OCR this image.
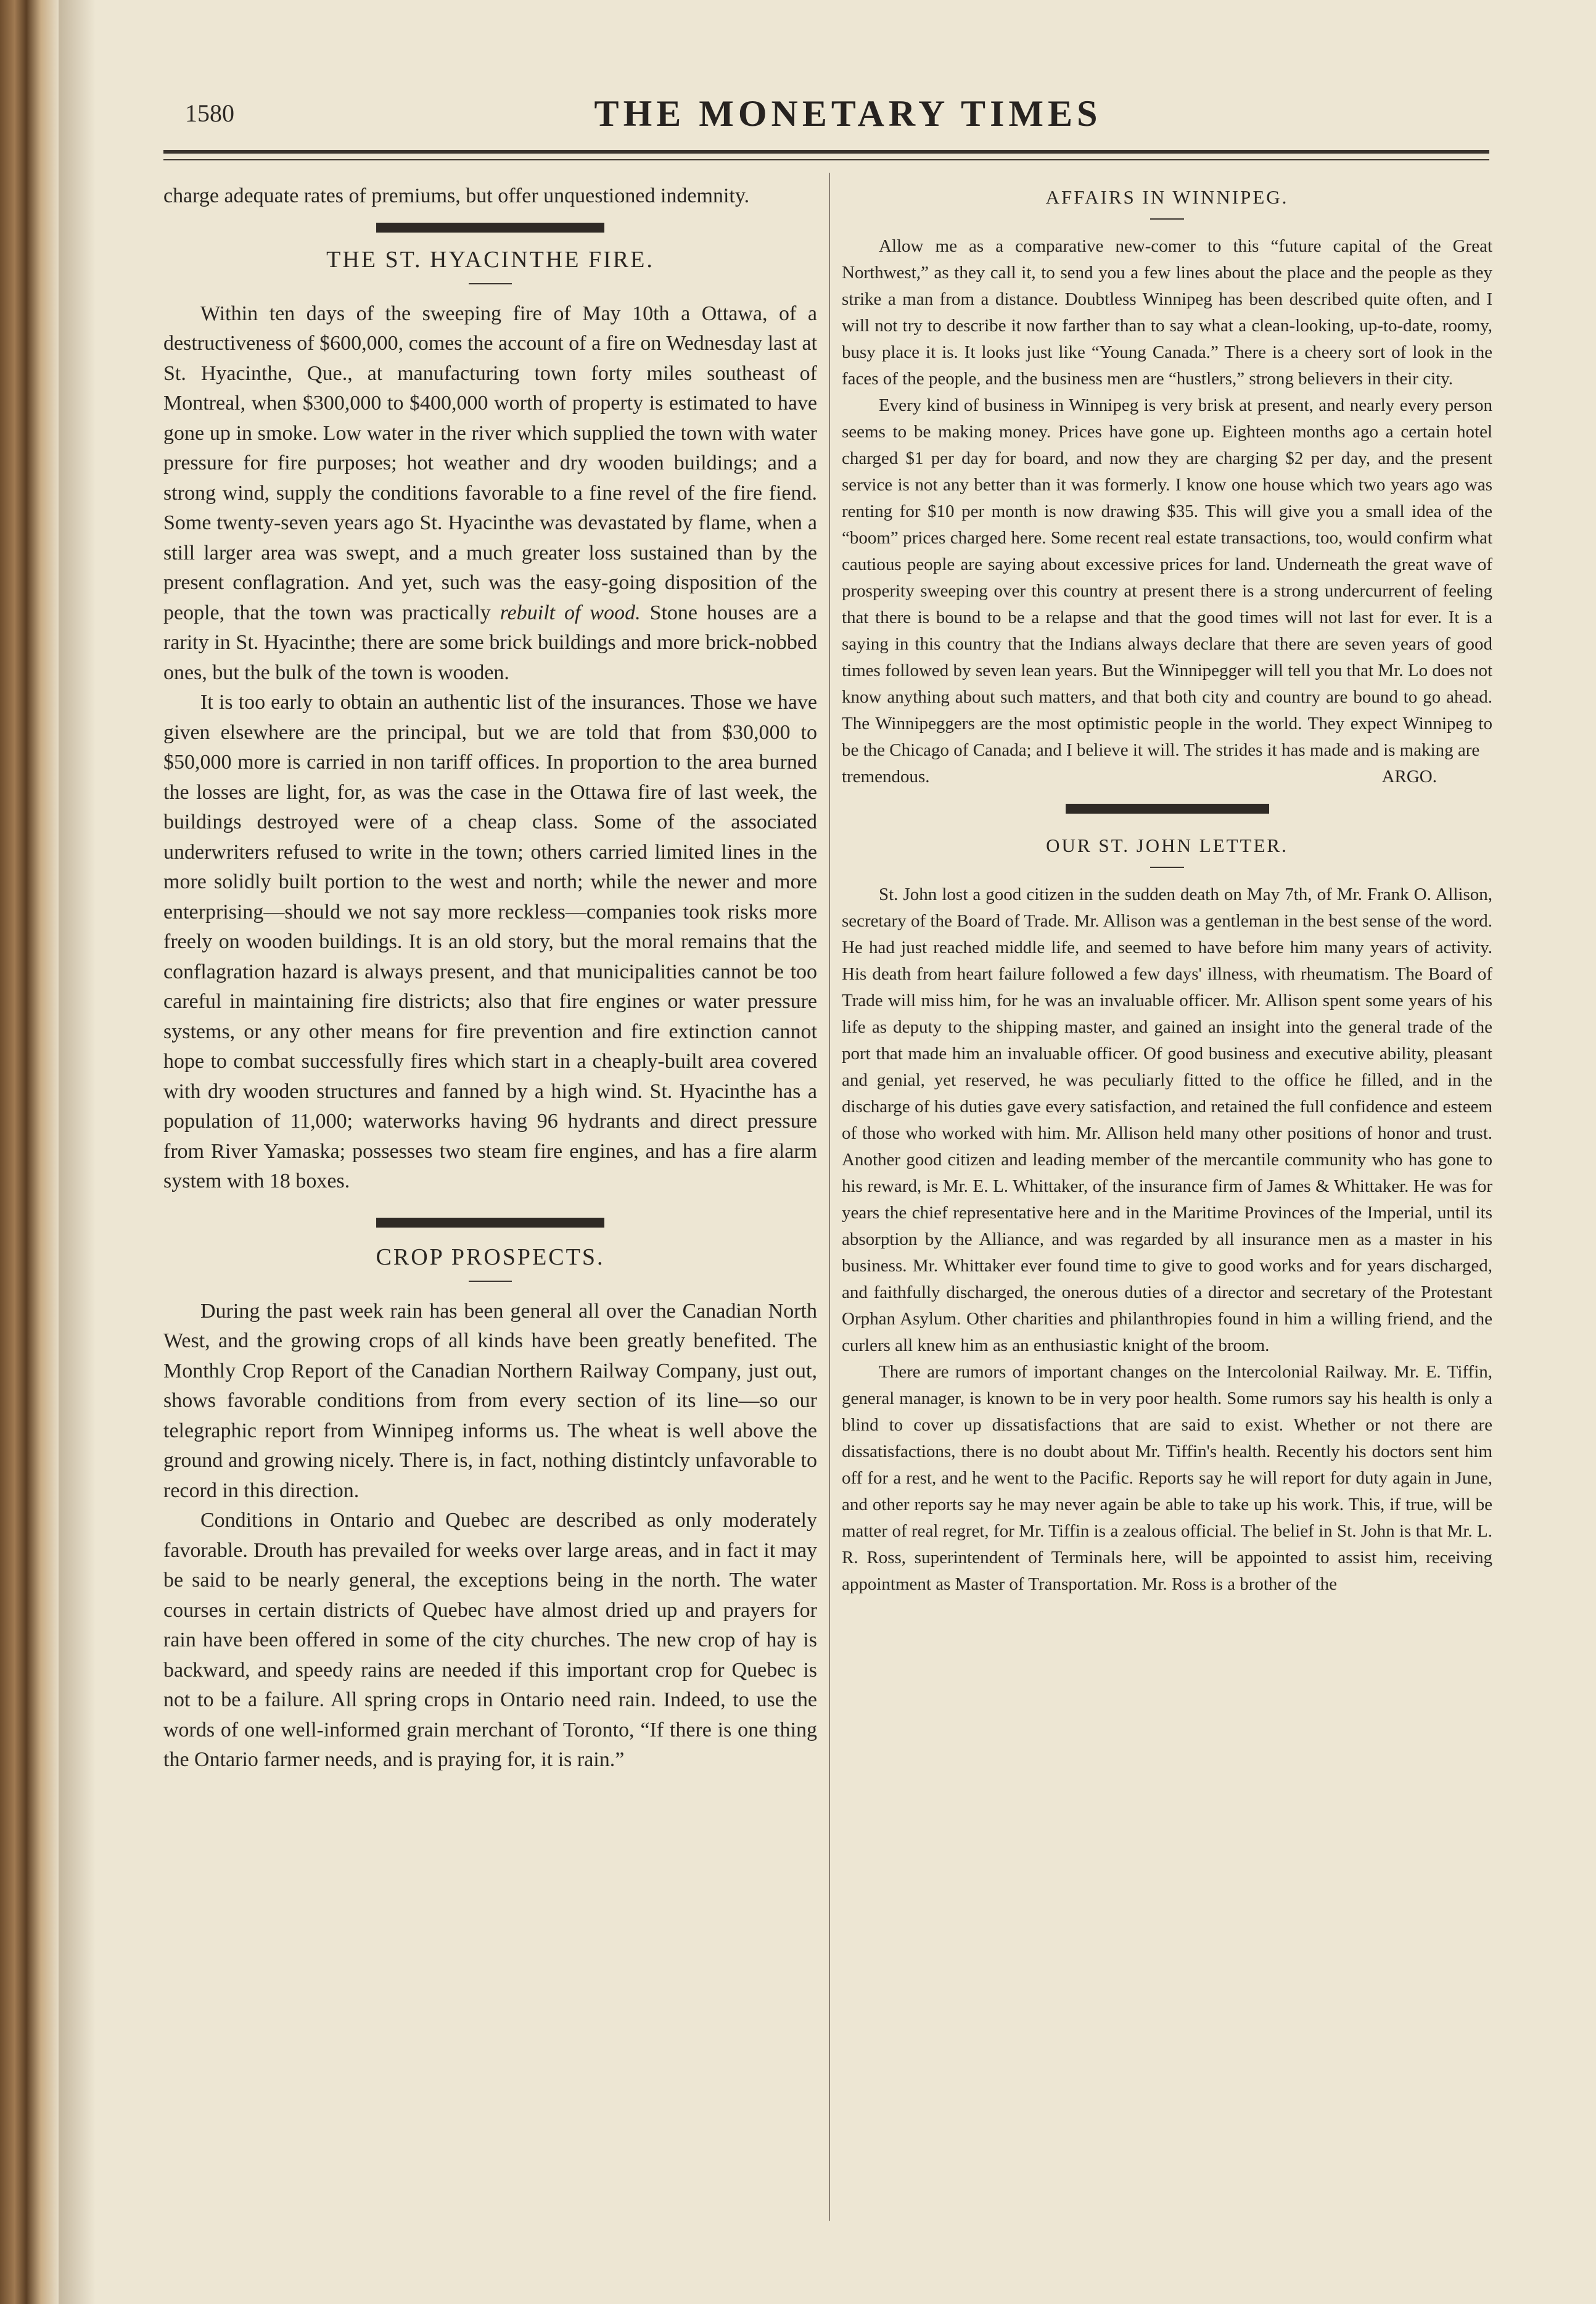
1580	THE MONETARY TIMES

charge adequate rates of premiums, but offer unquestioned indemnity.

THE ST. HYACINTHE FIRE.

Within ten days of the sweeping fire of May 10th a Ottawa, of a destructiveness of $600,000, comes the account of a fire on Wednesday last at St. Hyacinthe, Que., at manufacturing town forty miles southeast of Montreal, when $300,000 to $400,000 worth of property is estimated to have gone up in smoke. Low water in the river which supplied the town with water pressure for fire purposes; hot weather and dry wooden buildings; and a strong wind, supply the conditions favorable to a fine revel of the fire fiend. Some twenty-seven years ago St. Hyacinthe was devastated by flame, when a still larger area was swept, and a much greater loss sustained than by the present conflagration. And yet, such was the easy-going disposition of the people, that the town was practically rebuilt of wood. Stone houses are a rarity in St. Hyacinthe; there are some brick buildings and more brick-nobbed ones, but the bulk of the town is wooden.

It is too early to obtain an authentic list of the insurances. Those we have given elsewhere are the principal, but we are told that from $30,000 to $50,000 more is carried in non tariff offices. In proportion to the area burned the losses are light, for, as was the case in the Ottawa fire of last week, the buildings destroyed were of a cheap class. Some of the associated underwriters refused to write in the town; others carried limited lines in the more solidly built portion to the west and north; while the newer and more enterprising—should we not say more reckless—companies took risks more freely on wooden buildings. It is an old story, but the moral remains that the conflagration hazard is always present, and that municipalities cannot be too careful in maintaining fire districts; also that fire engines or water pressure systems, or any other means for fire prevention and fire extinction cannot hope to combat successfully fires which start in a cheaply-built area covered with dry wooden structures and fanned by a high wind. St. Hyacinthe has a population of 11,000; waterworks having 96 hydrants and direct pressure from River Yamaska; possesses two steam fire engines, and has a fire alarm system with 18 boxes.

CROP PROSPECTS.

During the past week rain has been general all over the Canadian North West, and the growing crops of all kinds have been greatly benefited. The Monthly Crop Report of the Canadian Northern Railway Company, just out, shows favorable conditions from from every section of its line—so our telegraphic report from Winnipeg informs us. The wheat is well above the ground and growing nicely. There is, in fact, nothing distintcly unfavorable to record in this direction.

Conditions in Ontario and Quebec are described as only moderately favorable. Drouth has prevailed for weeks over large areas, and in fact it may be said to be nearly general, the exceptions being in the north. The water courses in certain districts of Quebec have almost dried up and prayers for rain have been offered in some of the city churches. The new crop of hay is backward, and speedy rains are needed if this important crop for Quebec is not to be a failure. All spring crops in Ontario need rain. Indeed, to use the words of one well-informed grain merchant of Toronto, “If there is one thing the Ontario farmer needs, and is praying for, it is rain.”

AFFAIRS IN WINNIPEG.

Allow me as a comparative new-comer to this “future capital of the Great Northwest,” as they call it, to send you a few lines about the place and the people as they strike a man from a distance. Doubtless Winnipeg has been described quite often, and I will not try to describe it now farther than to say what a clean-looking, up-to-date, roomy, busy place it is. It looks just like “Young Canada.” There is a cheery sort of look in the faces of the people, and the business men are “hustlers,” strong believers in their city.

Every kind of business in Winnipeg is very brisk at present, and nearly every person seems to be making money. Prices have gone up. Eighteen months ago a certain hotel charged $1 per day for board, and now they are charging $2 per day, and the present service is not any better than it was formerly. I know one house which two years ago was renting for $10 per month is now drawing $35. This will give you a small idea of the “boom” prices charged here. Some recent real estate transactions, too, would confirm what cautious people are saying about excessive prices for land. Underneath the great wave of prosperity sweeping over this country at present there is a strong undercurrent of feeling that there is bound to be a relapse and that the good times will not last for ever. It is a saying in this country that the Indians always declare that there are seven years of good times followed by seven lean years. But the Winnipegger will tell you that Mr. Lo does not know anything about such matters, and that both city and country are bound to go ahead. The Winnipeggers are the most optimistic people in the world. They expect Winnipeg to be the Chicago of Canada; and I believe it will. The strides it has made and is making are

tremendous.	ARGO.

OUR ST. JOHN LETTER.

St. John lost a good citizen in the sudden death on May 7th, of Mr. Frank O. Allison, secretary of the Board of Trade. Mr. Allison was a gentleman in the best sense of the word. He had just reached middle life, and seemed to have before him many years of activity. His death from heart failure followed a few days' illness, with rheumatism. The Board of Trade will miss him, for he was an invaluable officer. Mr. Allison spent some years of his life as deputy to the shipping master, and gained an insight into the general trade of the port that made him an invaluable officer. Of good business and executive ability, pleasant and genial, yet reserved, he was peculiarly fitted to the office he filled, and in the discharge of his duties gave every satisfaction, and retained the full confidence and esteem of those who worked with him. Mr. Allison held many other positions of honor and trust. Another good citizen and leading member of the mercantile community who has gone to his reward, is Mr. E. L. Whittaker, of the insurance firm of James & Whittaker. He was for years the chief representative here and in the Maritime Provinces of the Imperial, until its absorption by the Alliance, and was regarded by all insurance men as a master in his business. Mr. Whittaker ever found time to give to good works and for years discharged, and faithfully discharged, the onerous duties of a director and secretary of the Protestant Orphan Asylum. Other charities and philanthropies found in him a willing friend, and the curlers all knew him as an enthusiastic knight of the broom.

There are rumors of important changes on the Intercolonial Railway. Mr. E. Tiffin, general manager, is known to be in very poor health. Some rumors say his health is only a blind to cover up dissatisfactions that are said to exist. Whether or not there are dissatisfactions, there is no doubt about Mr. Tiffin's health. Recently his doctors sent him off for a rest, and he went to the Pacific. Reports say he will report for duty again in June, and other reports say he may never again be able to take up his work. This, if true, will be matter of real regret, for Mr. Tiffin is a zealous official. The belief in St. John is that Mr. L. R. Ross, superintendent of Terminals here, will be appointed to assist him, receiving appointment as Master of Transportation. Mr. Ross is a brother of the
